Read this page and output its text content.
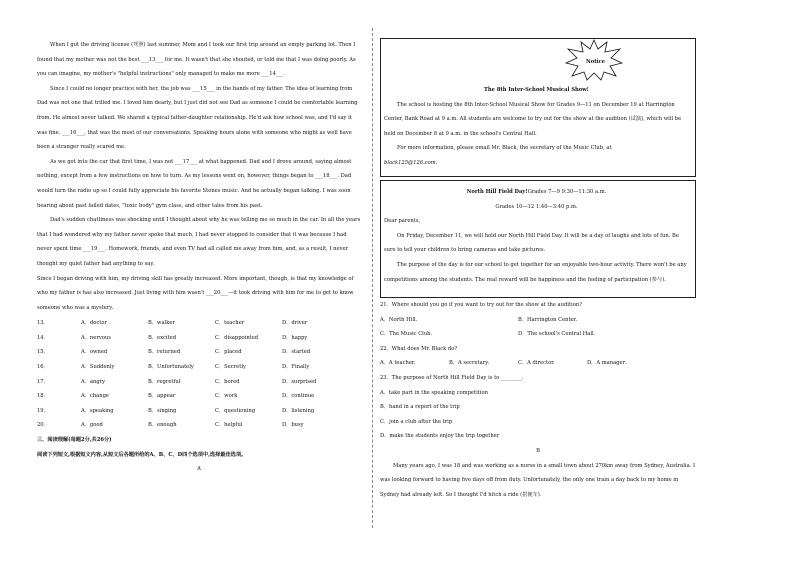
When I got the driving license (驾照) last summer, Mom and I took our first trip around an empty parking lot. Then I found that my mother was not the best ___13___ for me. It wasn't that she shouted, or told me that I was doing poorly. As you can imagine, my mother's "helpful instructions" only managed to make me more ___14___.

Since I could no longer practice with her, the job was ___15___ in the hands of my father. The idea of learning from Dad was not one that trilled me. I loved him dearly, but I just did not see Dad as someone I could be comfortable learning from. He almost never talked. We shared a typical father-daughter relationship. He'd ask how school was, and I'd say it was fine. ___16___, that was the most of our conversations. Speaking hours alone with someone who might as well have been a stranger really scared me.

As we got into the car that first time, I was not ___17___ at what happened. Dad and I drove around, saying almost nothing, except from a few instructions on how to turn. As my lessons went on, however, things began to ___18___. Dad would turn the radio up so I could fully appreciate his favorite Stones music. And he actually began talking. I was soon hearing about past failed dates, "toxic body" gym class, and other tales from his past.

Dad's sudden chattiness was shocking until I thought about why he was telling me so much in the car. In all the years that I had wondered why my father never spoke that much, I had never stopped to consider that it was because I had never spent time ___19___. Homework, friends, and even TV had all called me away from him, and, as a result, I never thought my quiet father had anything to say.

Since I began driving with him, my driving skill has greatly increased. More important, though, is that my knowledge of who my father is has also increased. Just living with him wasn't ___20___—it took driving with him for me to get to know someone who was a mystery.

13．	A．doctor	B．walker	C．teacher	D．driver
14．	A．nervous	B．excited	C．disappointed	D．happy
15．	A．owned	B．returned	C．placed	D．started
16．	A．Suddenly	B．Unfortunately	C．Secretly	D．Finally
17．	A．angry	B．regretful	C．bored	D．surprised
18．	A．change	B．appear	C．work	D．continue
19．	A．speaking	B．singing	C．questioning	D．listening
20．	A．good	B．enough	C．helpful	D．busy

三、阅读理解(每题2分,共26分)

阅读下列短文,根据短文内容,从短文后各题所给的A、B、C、D四个选项中,选择最佳选项。

A

Notice

The 8th Inter-School Musical Show!

The school is hosting the 8th Inter-School Musical Show for Grades 9—11 on December 19 at Harrington Center, Bank Road at 9 a.m. All students are welcome to try out for the show at the audition (试演), which will be held on December 8 at 9 a.m. in the school's Central Hall.

For more information, please email Mr. Black, the secretary of the Music Club, at

black125@126.com.

North Hill Field Day!Grades 7—9 9:30—11:30 a.m.

Grades 10—12 1:40—3:40 p.m.

Dear parents,

On Friday, December 11, we will hold our North Hill Field Day. It will be a day of laughs and lots of fun. Be sure to tell your children to bring cameras and take pictures.

The purpose of the day is for our school to get together for an enjoyable two-hour activity. There won't be any competitions among the students. The real reward will be happiness and the feeling of participation (参与).

21．Where should you go if you want to try out for the show at the audition?

A．North Hill.	B．Harrington Center.
C．The Music Club.	D．The school's Central Hall.

22．What does Mr. Black do?

A．A teacher.	B．A secretary.	C．A director.	D．A manager.

23．The purpose of North Hill Field Day is to ________.

A．take part in the speaking competition

B．hand in a report of the trip

C．join a club after the trip

D．make the students enjoy the trip together

B

Many years ago, I was 18 and was working as a nurse in a small town about 270km away from Sydney, Australia. I was looking forward to having five days off from duty. Unfortunately, the only one train a day back to my home in Sydney had already left. So I thought I'd hitch a ride (搭便车).
